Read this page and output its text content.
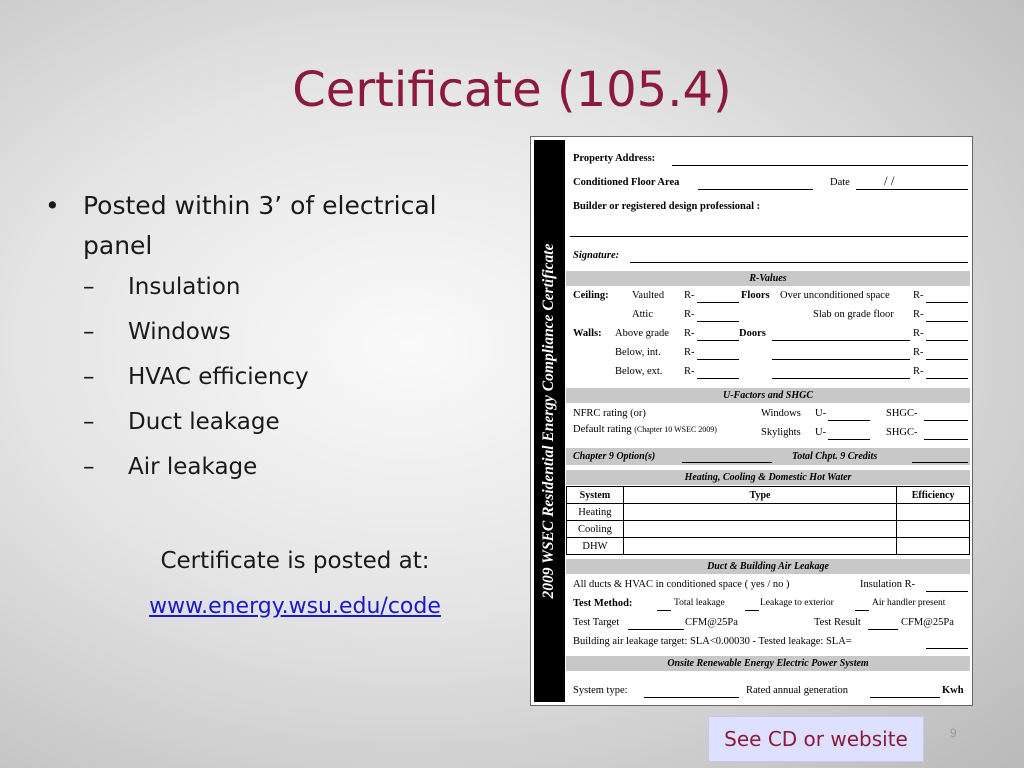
Certificate (105.4)
• Posted within 3’ of electrical panel
–	Insulation
–	Windows
–	HVAC efficiency
–	Duct leakage
–	Air leakage
Certificate is posted at:
www.energy.wsu.edu/code
2009 WSEC Residential Energy Compliance Certificate
Property Address:
Conditioned Floor Area	Date	/ /
Builder or registered design professional :
Signature:
R-Values
Ceiling: Vaulted R-	Floors Over unconditioned space R-
Attic	R-	Slab on grade floor R-
Walls: Above grade R-	Doors	R-
Below, int. R-	R-
Below, ext. R-	R-
U-Factors and SHGC
NFRC rating (or)	Windows U-	SHGC-
Default rating (Chapter 10 WSEC 2009)	Skylights U-	SHGC-
Chapter 9 Option(s)	Total Chpt. 9 Credits
Heating, Cooling & Domestic Hot Water
System	Type	Efficiency
Heating		
Cooling		
DHW		
Duct & Building Air Leakage
All ducts & HVAC in conditioned space ( yes / no )	Insulation R-
Test Method:	Total leakage	Leakage to exterior	Air handler present
Test Target	CFM@25Pa	Test Result	CFM@25Pa
Building air leakage target: SLA<0.00030 - Tested leakage: SLA=
Onsite Renewable Energy Electric Power System
System type:	Rated annual generation	Kwh
See CD or website	9
